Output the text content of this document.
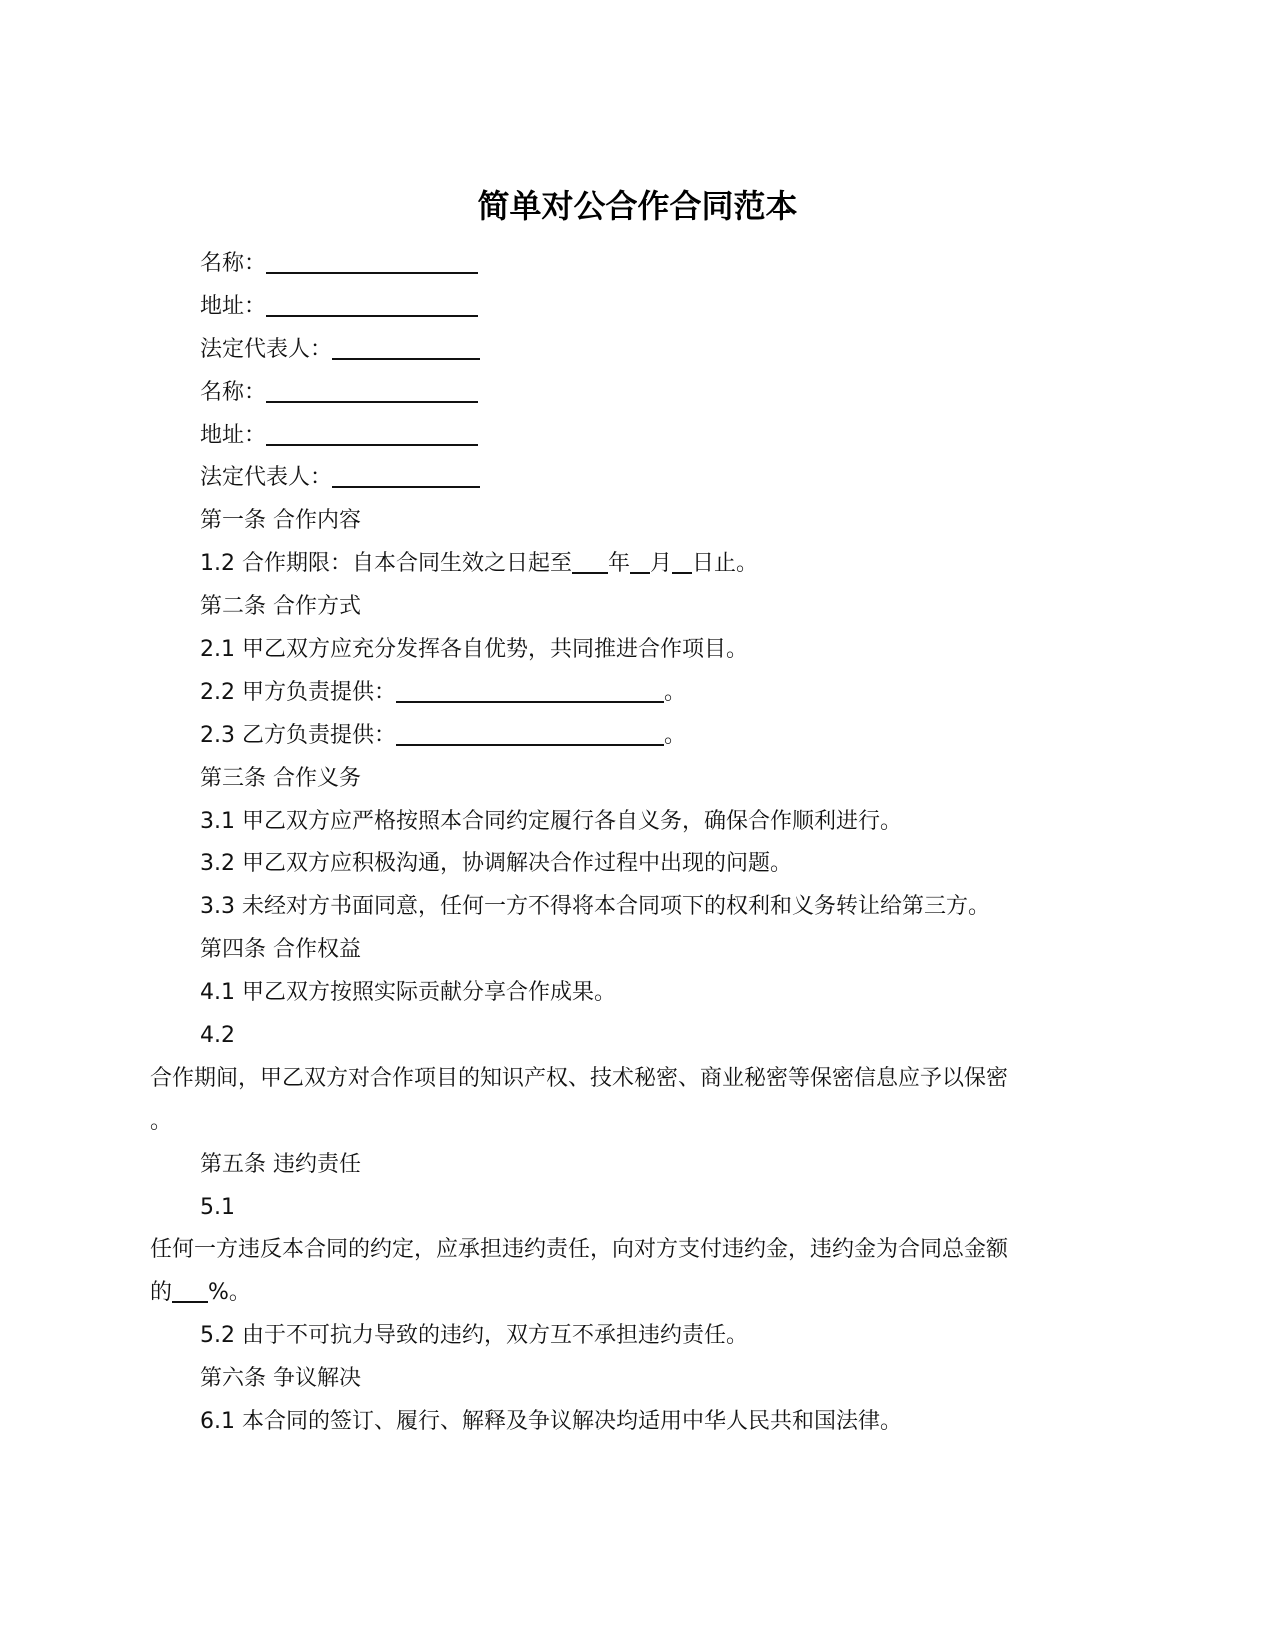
简单对公合作合同范本
名称：
地址：
法定代表人：
名称：
地址：
法定代表人：
第一条 合作内容
1.2 合作期限：自本合同生效之日起至 年 月 日止。
第二条 合作方式
2.1 甲乙双方应充分发挥各自优势，共同推进合作项目。
2.2 甲方负责提供：	。
2.3 乙方负责提供：	。
第三条 合作义务
3.1 甲乙双方应严格按照本合同约定履行各自义务，确保合作顺利进行。
3.2 甲乙双方应积极沟通，协调解决合作过程中出现的问题。
3.3 未经对方书面同意，任何一方不得将本合同项下的权利和义务转让给第三方。
第四条 合作权益
4.1 甲乙双方按照实际贡献分享合作成果。
4.2
合作期间，甲乙双方对合作项目的知识产权、技术秘密、商业秘密等保密信息应予以保密
。
第五条 违约责任
5.1
任何一方违反本合同的约定，应承担违约责任，向对方支付违约金，违约金为合同总金额
的 %。
5.2 由于不可抗力导致的违约，双方互不承担违约责任。
第六条 争议解决
6.1 本合同的签订、履行、解释及争议解决均适用中华人民共和国法律。
